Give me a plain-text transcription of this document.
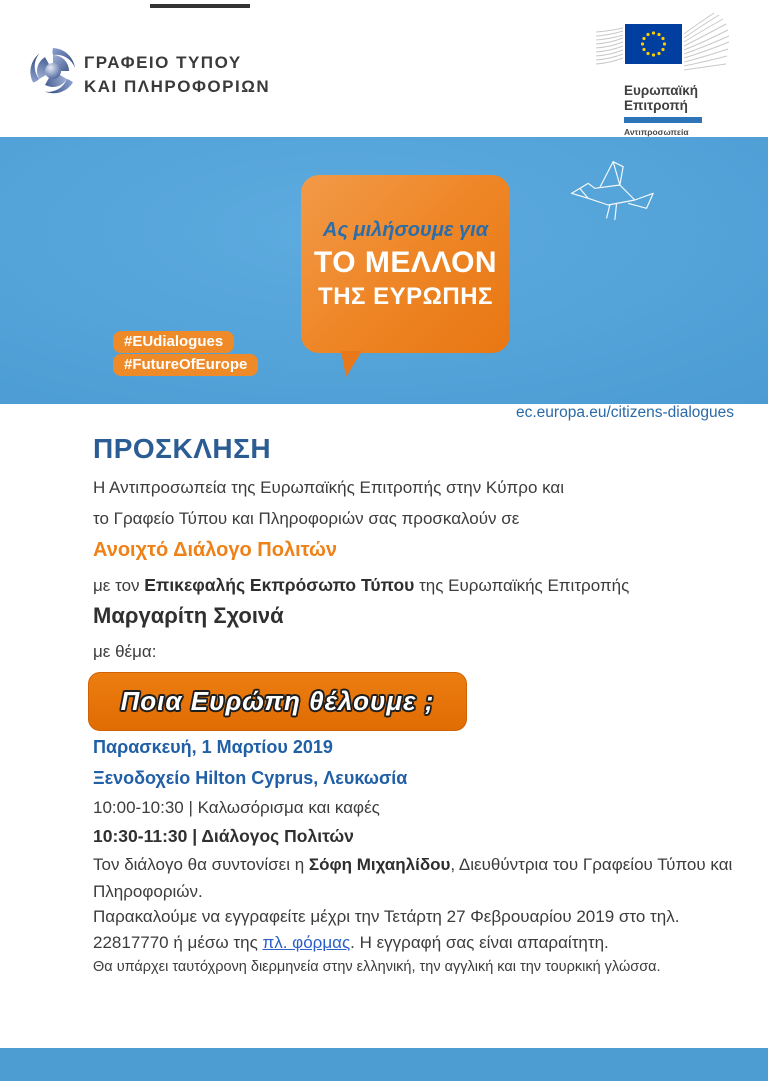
ΓΡΑΦΕΙΟ ΤΥΠΟΥ
ΚΑΙ ΠΛΗΡΟΦΟΡΙΩΝ	Ευρωπαϊκή
Επιτροπή
Αντιπροσωπεία
Ας μιλήσουμε για
ΤΟ ΜΕΛΛΟΝ
ΤΗΣ ΕΥΡΩΠΗΣ
#EUdialogues
#FutureOfEurope
ec.europa.eu/citizens-dialogues
ΠΡΟΣΚΛΗΣΗ
Η Αντιπροσωπεία της Ευρωπαϊκής Επιτροπής στην Κύπρο και
το Γραφείο Τύπου και Πληροφοριών σας προσκαλούν σε
Ανοιχτό Διάλογο Πολιτών
με τον Επικεφαλής Εκπρόσωπο Τύπου της Ευρωπαϊκής Επιτροπής
Μαργαρίτη Σχοινά
με θέμα:
Ποια Ευρώπη θέλουμε ;
Παρασκευή, 1 Μαρτίου 2019
Ξενοδοχείο Hilton Cyprus, Λευκωσία
10:00-10:30 | Καλωσόρισμα και καφές
10:30-11:30 | Διάλογος Πολιτών
Τον διάλογο θα συντονίσει η Σόφη Μιχαηλίδου, Διευθύντρια του Γραφείου Τύπου και
Πληροφοριών.
Παρακαλούμε να εγγραφείτε μέχρι την Τετάρτη 27 Φεβρουαρίου 2019 στο τηλ.
22817770 ή μέσω της πλ. φόρμας. Η εγγραφή σας είναι απαραίτητη.
Θα υπάρχει ταυτόχρονη διερμηνεία στην ελληνική, την αγγλική και την τουρκική γλώσσα.
